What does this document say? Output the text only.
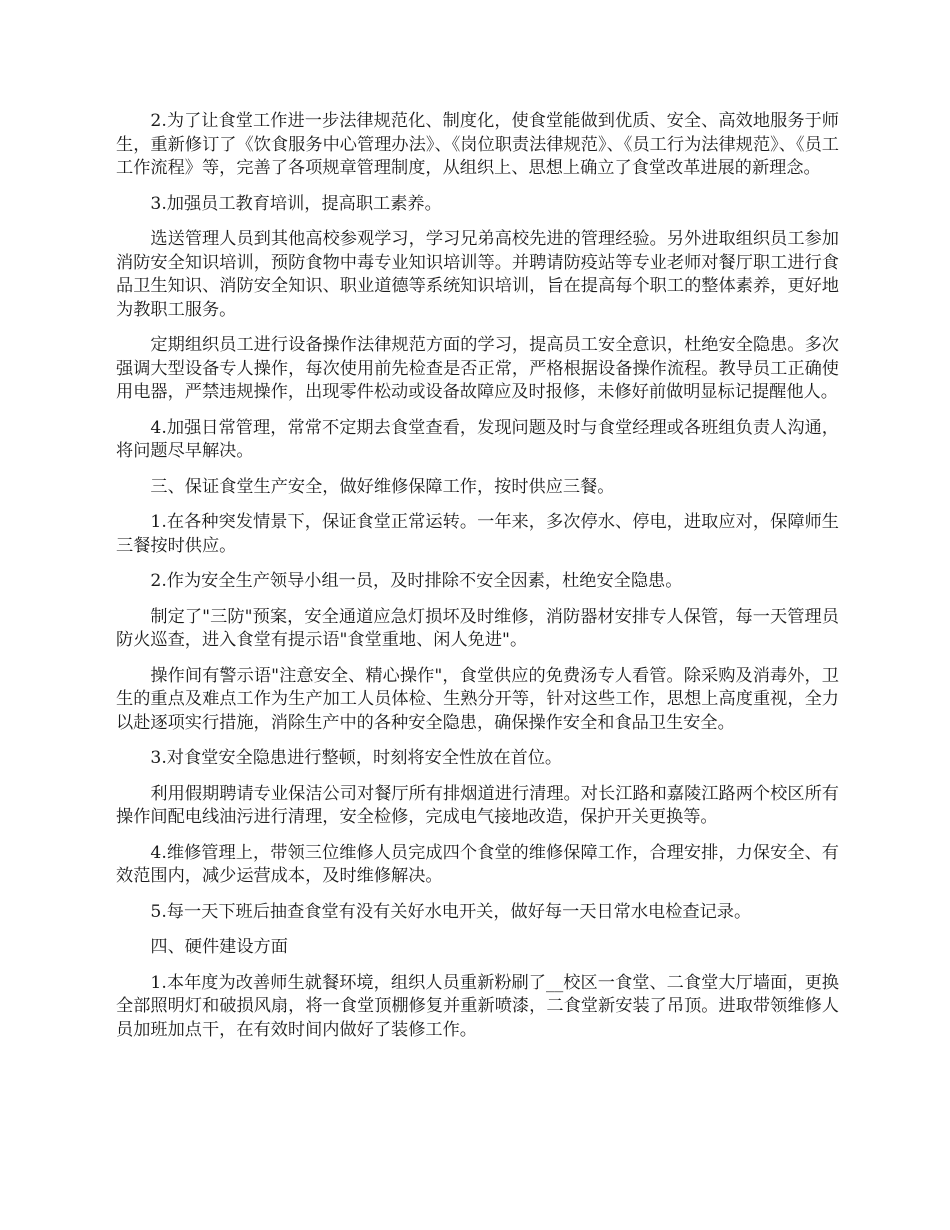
2.为了让食堂工作进一步法律规范化、制度化，使食堂能做到优质、安全、高效地服务于师生，重新修订了《饮食服务中心管理办法》、《岗位职责法律规范》、《员工行为法律规范》、《员工工作流程》等，完善了各项规章管理制度，从组织上、思想上确立了食堂改革进展的新理念。

3.加强员工教育培训，提高职工素养。

选送管理人员到其他高校参观学习，学习兄弟高校先进的管理经验。另外进取组织员工参加消防安全知识培训，预防食物中毒专业知识培训等。并聘请防疫站等专业老师对餐厅职工进行食品卫生知识、消防安全知识、职业道德等系统知识培训，旨在提高每个职工的整体素养，更好地为教职工服务。

定期组织员工进行设备操作法律规范方面的学习，提高员工安全意识，杜绝安全隐患。多次强调大型设备专人操作，每次使用前先检查是否正常，严格根据设备操作流程。教导员工正确使用电器，严禁违规操作，出现零件松动或设备故障应及时报修，未修好前做明显标记提醒他人。

4.加强日常管理，常常不定期去食堂查看，发现问题及时与食堂经理或各班组负责人沟通，将问题尽早解决。

三、保证食堂生产安全，做好维修保障工作，按时供应三餐。

1.在各种突发情景下，保证食堂正常运转。一年来，多次停水、停电，进取应对，保障师生三餐按时供应。

2.作为安全生产领导小组一员，及时排除不安全因素，杜绝安全隐患。

制定了"三防"预案，安全通道应急灯损坏及时维修，消防器材安排专人保管，每一天管理员防火巡查，进入食堂有提示语"食堂重地、闲人免进"。

操作间有警示语"注意安全、精心操作"，食堂供应的免费汤专人看管。除采购及消毒外，卫生的重点及难点工作为生产加工人员体检、生熟分开等，针对这些工作，思想上高度重视，全力以赴逐项实行措施，消除生产中的各种安全隐患，确保操作安全和食品卫生安全。

3.对食堂安全隐患进行整顿，时刻将安全性放在首位。

利用假期聘请专业保洁公司对餐厅所有排烟道进行清理。对长江路和嘉陵江路两个校区所有操作间配电线油污进行清理，安全检修，完成电气接地改造，保护开关更换等。

4.维修管理上，带领三位维修人员完成四个食堂的维修保障工作，合理安排，力保安全、有效范围内，减少运营成本，及时维修解决。

5.每一天下班后抽查食堂有没有关好水电开关，做好每一天日常水电检查记录。

四、硬件建设方面

1.本年度为改善师生就餐环境，组织人员重新粉刷了__校区一食堂、二食堂大厅墙面，更换全部照明灯和破损风扇，将一食堂顶棚修复并重新喷漆，二食堂新安装了吊顶。进取带领维修人员加班加点干，在有效时间内做好了装修工作。
